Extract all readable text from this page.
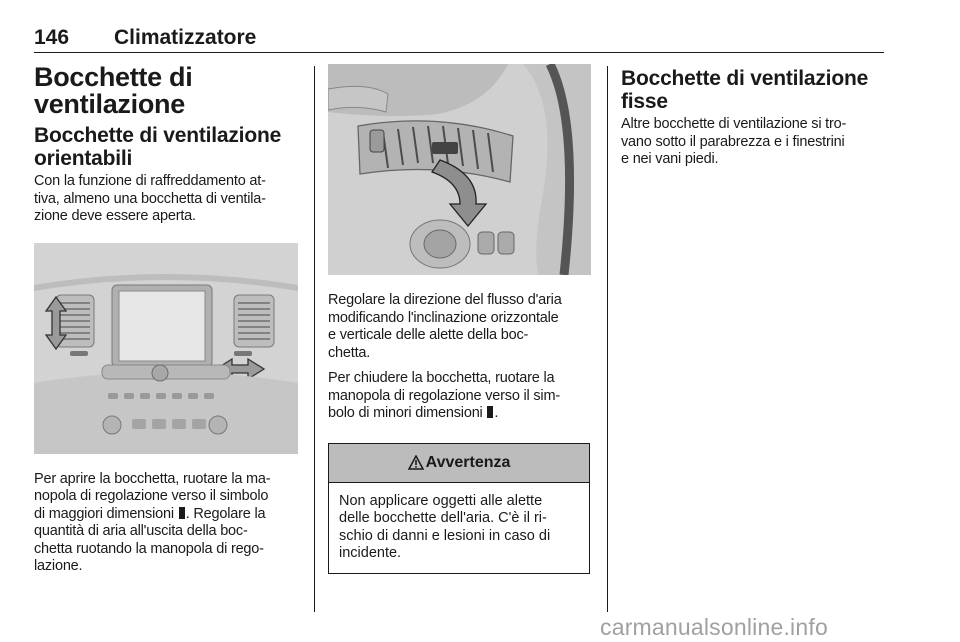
146 Climatizzatore
Bocchette di
ventilazione
Bocchette di ventilazione
orientabili

Con la funzione di raffreddamento at-
tiva, almeno una bocchetta di ventila-
zione deve essere aperta.

Per aprire la bocchetta, ruotare la ma-
nopola di regolazione verso il simbolo
di maggiori dimensioni . Regolare la
quantità di aria all'uscita della boc-
chetta ruotando la manopola di rego-
lazione.

Regolare la direzione del flusso d'aria
modificando l'inclinazione orizzontale
e verticale delle alette della boc-
chetta.

Per chiudere la bocchetta, ruotare la
manopola di regolazione verso il sim-
bolo di minori dimensioni .

Avvertenza
Non applicare oggetti alle alette
delle bocchette dell'aria. C'è il ri-
schio di danni e lesioni in caso di
incidente.
Bocchette di ventilazione
fisse

Altre bocchette di ventilazione si tro-
vano sotto il parabrezza e i finestrini
e nei vani piedi.

carmanualsonline.info
